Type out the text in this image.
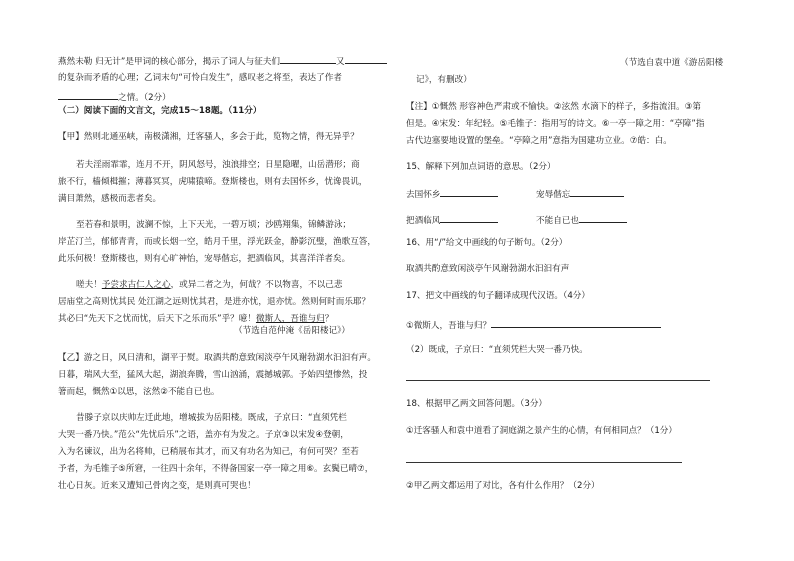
燕然未勒 归无计”是甲词的核心部分，揭示了词人与征夫们	又
的复杂而矛盾的心理；乙词末句“可怜白发生”，感叹老之将至，表达了作者
之情。（2分）
（二）阅读下面的文言文，完成15～18题。（11分）
【甲】然则北通巫峡，南极潇湘，迁客骚人，多会于此，览物之情，得无异乎？
若夫淫雨霏霏，连月不开，阴风怒号，浊浪排空；日星隐曜，山岳潜形；商
旅不行，樯倾楫摧；薄暮冥冥，虎啸猿啼。登斯楼也，则有去国怀乡，忧谗畏讥，
满目萧然，感极而悲者矣。
至若春和景明，波澜不惊，上下天光，一碧万顷；沙鸥翔集，锦鳞游泳；
岸芷汀兰，郁郁青青，而或长烟一空，皓月千里，浮光跃金，静影沉璧，渔歌互答，
此乐何极！登斯楼也，则有心旷神怡，宠辱偕忘，把酒临风，其喜洋洋者矣。
嗟夫！予尝求古仁人之心，或异二者之为，何哉？不以物喜，不以己悲
居庙堂之高则忧其民 处江湖之远则忧其君，是进亦忧，退亦忧。然则何时而乐耶？
其必曰“先天下之忧而忧，后天下之乐而乐”乎？噫！微斯人，吾谁与归？
（节选自范仲淹《岳阳楼记》）
【乙】游之日，风日清和，湖平于熨。取酒共酌意致闲淡亭午风谢勃湖水汩汩有声。
日暮，瑞风大至，猛风大起，湖浪奔腾，雪山汹涌，震撼城郭。予始四望惨然，投
箸而起，慨然①以思，泫然②不能自已也。
昔滕子京以庆帅左迁此地，增城拔为岳阳楼。既成，子京曰：“直须凭栏
大哭一番乃快。”范公“先忧后乐”之语，盖亦有为发之。子京③以宋发④登朝，
入为名谏议，出为名将帅，已稍展布其才，而又有功名为知己，有何可哭？至若
予者，为毛锥子⑤所窘，一往四十余年，不得备国家一亭一障之用⑥。玄鬓已晴⑦，
壮心日灰。近来又遭知己骨肉之变，是则真可哭也！
（节选自袁中道《游岳阳楼
记》，有删改）
【注】①慨然 形容神色严肃或不愉快。②泫然 水滴下的样子，多指流泪。③第
但是。④宋发：年纪轻。⑤毛锥子：指用写的诗文。⑥一亭一障之用：“亭障”指
古代边塞要地设置的堡垒。“亭障之用”意指为国建功立业。⑦皓：白。
15、解释下列加点词语的意思。（2分）
去国怀乡	宠辱偕忘
把酒临风	不能自已也
16、用“/”给文中画线的句子断句。（2分）
取酒共酌意致闲淡亭午风谢勃湖水汩汩有声
17、把文中画线的句子翻译成现代汉语。（4分）
①微斯人，吾谁与归？
（2）既成，子京曰：“直须凭栏大哭一番乃快。
18、根据甲乙两文回答问题。（3分）
①迁客骚人和袁中道看了洞庭湖之景产生的心情，有何相同点？（1分）
②甲乙两文都运用了对比，各有什么作用？（2分）
